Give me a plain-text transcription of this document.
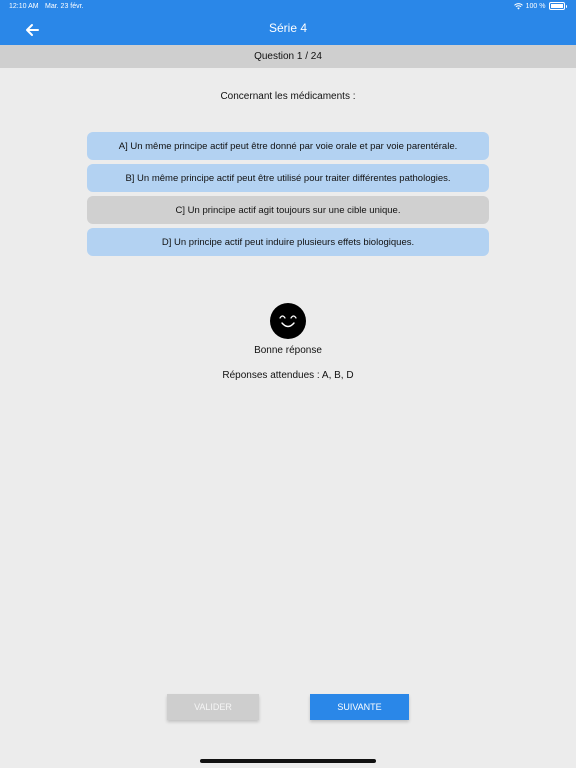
12:10 AM Mar. 23 févr.	100 %
Série 4
Question 1 / 24
Concernant les médicaments :
A] Un même principe actif peut être donné par voie orale et par voie parentérale.
B] Un même principe actif peut être utilisé pour traiter différentes pathologies.
C] Un principe actif agit toujours sur une cible unique.
D] Un principe actif peut induire plusieurs effets biologiques.
Bonne réponse
Réponses attendues : A, B, D
VALIDER	SUIVANTE
